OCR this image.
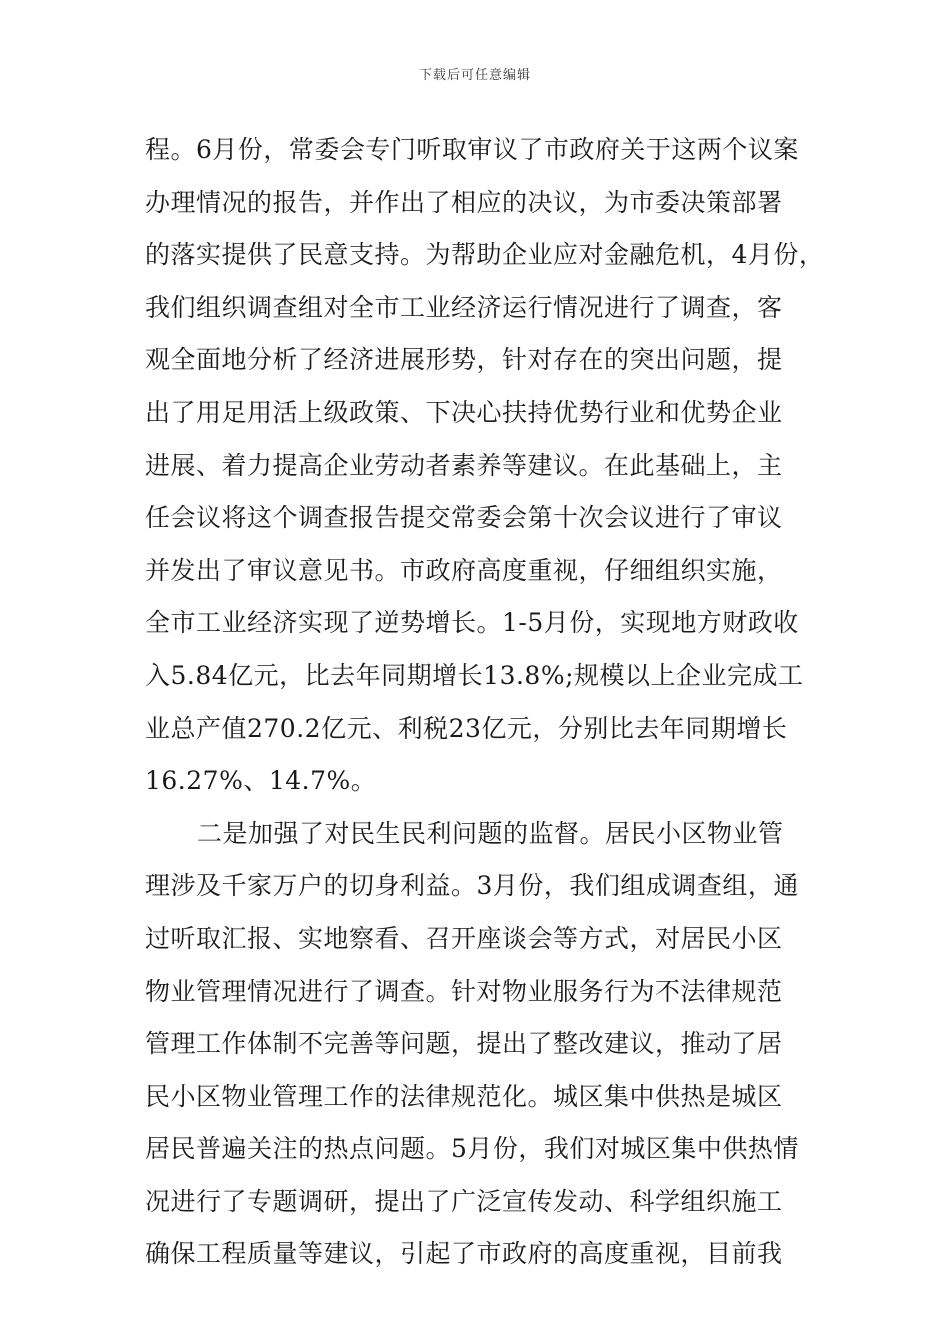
下载后可任意编辑
程。6月份，常委会专门听取审议了市政府关于这两个议案
办理情况的报告，并作出了相应的决议，为市委决策部署
的落实提供了民意支持。为帮助企业应对金融危机，4月份，
我们组织调查组对全市工业经济运行情况进行了调查，客
观全面地分析了经济进展形势，针对存在的突出问题，提
出了用足用活上级政策、下决心扶持优势行业和优势企业
进展、着力提高企业劳动者素养等建议。在此基础上，主
任会议将这个调查报告提交常委会第十次会议进行了审议
并发出了审议意见书。市政府高度重视，仔细组织实施，
全市工业经济实现了逆势增长。1-5月份，实现地方财政收
入5.84亿元，比去年同期增长13.8%;规模以上企业完成工
业总产值270.2亿元、利税23亿元，分别比去年同期增长
16.27%、14.7%。
二是加强了对民生民利问题的监督。居民小区物业管
理涉及千家万户的切身利益。3月份，我们组成调查组，通
过听取汇报、实地察看、召开座谈会等方式，对居民小区
物业管理情况进行了调查。针对物业服务行为不法律规范
管理工作体制不完善等问题，提出了整改建议，推动了居
民小区物业管理工作的法律规范化。城区集中供热是城区
居民普遍关注的热点问题。5月份，我们对城区集中供热情
况进行了专题调研，提出了广泛宣传发动、科学组织施工
确保工程质量等建议，引起了市政府的高度重视，目前我
